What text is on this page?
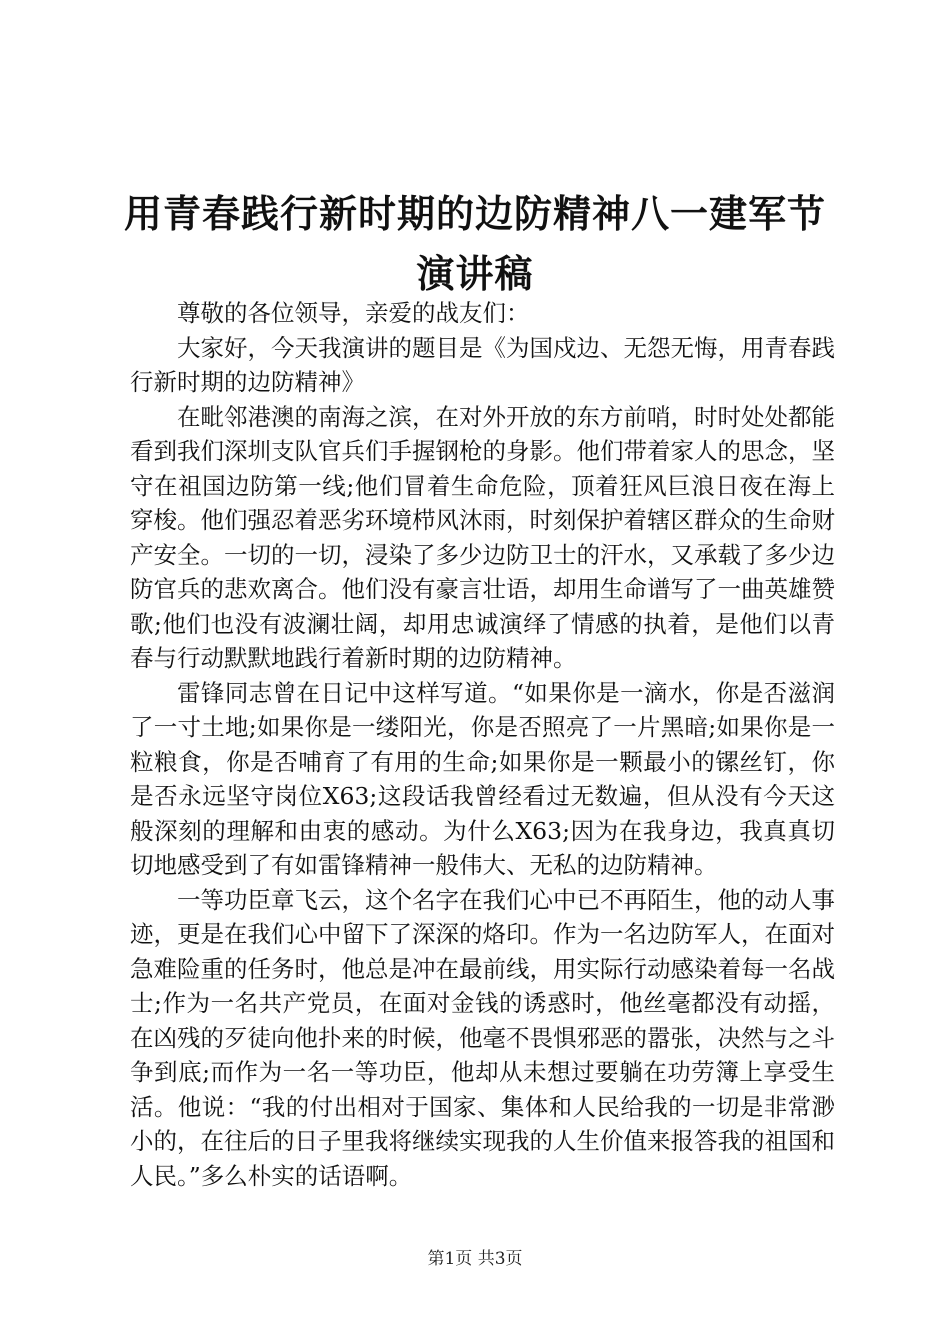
用青春践行新时期的边防精神八一建军节演讲稿

尊敬的各位领导，亲爱的战友们：

大家好，今天我演讲的题目是《为国戍边、无怨无悔，用青春践行新时期的边防精神》

在毗邻港澳的南海之滨，在对外开放的东方前哨，时时处处都能看到我们深圳支队官兵们手握钢枪的身影。他们带着家人的思念，坚守在祖国边防第一线;他们冒着生命危险，顶着狂风巨浪日夜在海上穿梭。他们强忍着恶劣环境栉风沐雨，时刻保护着辖区群众的生命财产安全。一切的一切，浸染了多少边防卫士的汗水，又承载了多少边防官兵的悲欢离合。他们没有豪言壮语，却用生命谱写了一曲英雄赞歌;他们也没有波澜壮阔，却用忠诚演绎了情感的执着，是他们以青春与行动默默地践行着新时期的边防精神。

雷锋同志曾在日记中这样写道。“如果你是一滴水，你是否滋润了一寸土地;如果你是一缕阳光，你是否照亮了一片黑暗;如果你是一粒粮食，你是否哺育了有用的生命;如果你是一颗最小的镙丝钉，你是否永远坚守岗位X63;这段话我曾经看过无数遍，但从没有今天这般深刻的理解和由衷的感动。为什么X63;因为在我身边，我真真切切地感受到了有如雷锋精神一般伟大、无私的边防精神。

一等功臣章飞云，这个名字在我们心中已不再陌生，他的动人事迹，更是在我们心中留下了深深的烙印。作为一名边防军人，在面对急难险重的任务时，他总是冲在最前线，用实际行动感染着每一名战士;作为一名共产党员，在面对金钱的诱惑时，他丝毫都没有动摇，在凶残的歹徒向他扑来的时候，他毫不畏惧邪恶的嚣张，决然与之斗争到底;而作为一名一等功臣，他却从未想过要躺在功劳簿上享受生活。他说：“我的付出相对于国家、集体和人民给我的一切是非常渺小的，在往后的日子里我将继续实现我的人生价值来报答我的祖国和人民。”多么朴实的话语啊。

第1页 共3页
